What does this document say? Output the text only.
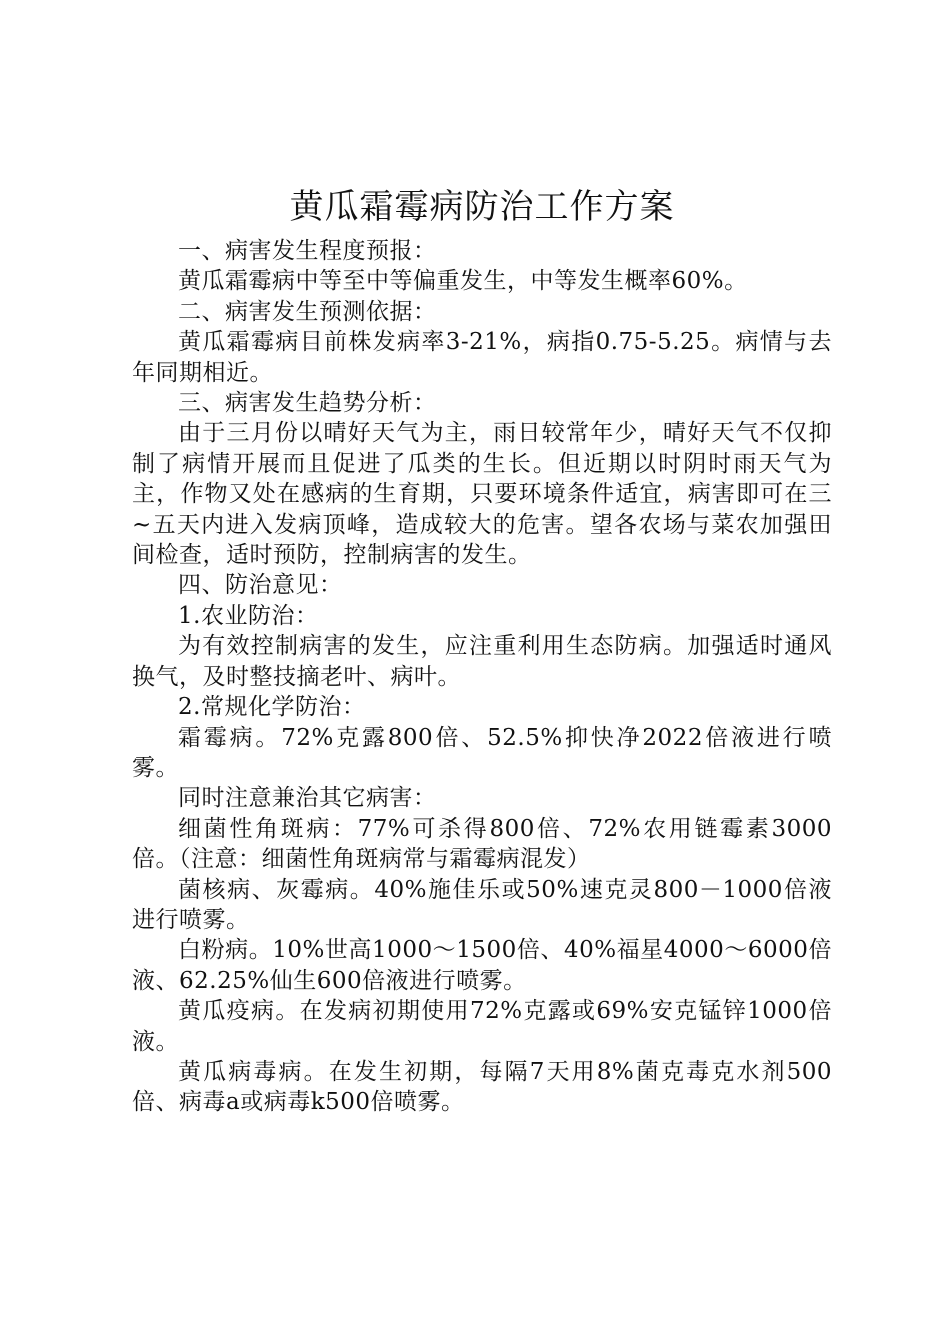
黄瓜霜霉病防治工作方案

一、病害发生程度预报：

黄瓜霜霉病中等至中等偏重发生，中等发生概率60%。

二、病害发生预测依据：

黄瓜霜霉病目前株发病率3-21%，病指0.75-5.25。病情与去年同期相近。

三、病害发生趋势分析：

由于三月份以晴好天气为主，雨日较常年少，晴好天气不仅抑制了病情开展而且促进了瓜类的生长。但近期以时阴时雨天气为主，作物又处在感病的生育期，只要环境条件适宜，病害即可在三~五天内进入发病顶峰，造成较大的危害。望各农场与菜农加强田间检查，适时预防，控制病害的发生。

四、防治意见：

1.农业防治：

为有效控制病害的发生，应注重利用生态防病。加强适时通风换气，及时整技摘老叶、病叶。

2.常规化学防治：

霜霉病。72%克露800倍、52.5%抑快净2022倍液进行喷雾。

同时注意兼治其它病害：

细菌性角斑病：77%可杀得800倍、72%农用链霉素3000倍。（注意：细菌性角斑病常与霜霉病混发）

菌核病、灰霉病。40%施佳乐或50%速克灵800－1000倍液进行喷雾。

白粉病。10%世高1000～1500倍、40%福星4000～6000倍液、62.25%仙生600倍液进行喷雾。

黄瓜疫病。在发病初期使用72%克露或69%安克锰锌1000倍液。

黄瓜病毒病。在发生初期，每隔7天用8%菌克毒克水剂500倍、病毒a或病毒k500倍喷雾。
